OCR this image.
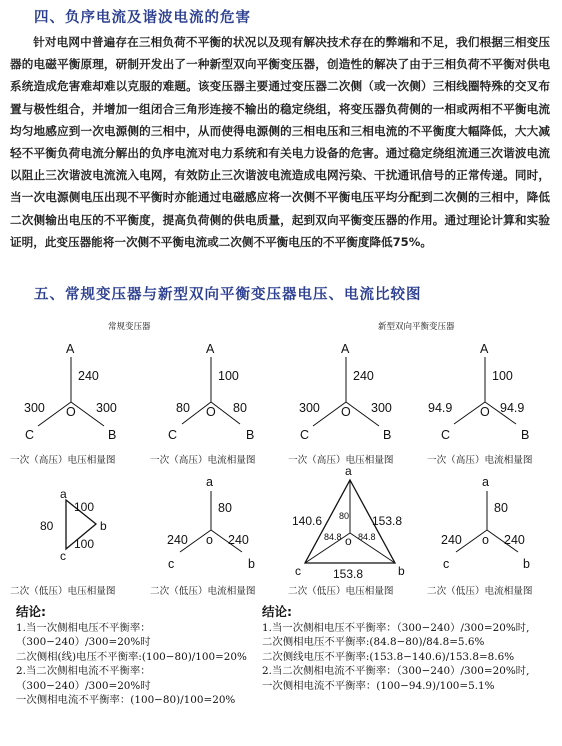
四、负序电流及谐波电流的危害
针对电网中普遍存在三相负荷不平衡的状况以及现有解决技术存在的弊端和不足，我们根据三相变压器的电磁平衡原理，研制开发出了一种新型双向平衡变压器，创造性的解决了由于三相负荷不平衡对供电系统造成危害难却难以克服的难题。该变压器主要通过变压器二次侧（或一次侧）三相线圈特殊的交叉布置与极性组合，并增加一组闭合三角形连接不输出的稳定绕组，将变压器负荷侧的一相或两相不平衡电流均匀地感应到一次电源侧的三相中，从而使得电源侧的三相电压和三相电流的不平衡度大幅降低，大大减轻不平衡负荷电流分解出的负序电流对电力系统和有关电力设备的危害。通过稳定绕组流通三次谐波电流以阻止三次谐波电流流入电网，有效防止三次谐波电流造成电网污染、干扰通讯信号的正常传递。同时，当一次电源侧电压出现不平衡时亦能通过电磁感应将一次侧不平衡电压平均分配到二次侧的三相中，降低二次侧输出电压的不平衡度，提高负荷侧的供电质量，起到双向平衡变压器的作用。通过理论计算和实验证明，此变压器能将一次侧不平衡电流或二次侧不平衡电压的不平衡度降低75%。
五、常规变压器与新型双向平衡变压器电压、电流比较图
常规变压器	新型双向平衡变压器
A
C	B
O
240
300	300
A
C	B
O
100
80	80
A
C	B
O
240
300	300
A
C	B
O
100
94.9	94.9
一次（高压）电压相量图	一次（高压）电流相量图	一次（高压）电压相量图	一次（高压）电流相量图
a
b
c
100
80
100
a
c	b
o
80
240	240
a
b
c
o
140.6	153.8
153.8
80
84.8 84.8
a
c	b
o
80
240	240
二次（低压）电压相量图	二次（低压）电流相量图	二次（低压）电压相量图	二次（低压）电流相量图
结论:
1.当一次侧相电压不平衡率：
（300−240）/300=20%时
二次侧相(线)电压不平衡率:(100−80)/100=20%
2.当二次侧相电流不平衡率：
（300−240）/300=20%时
一次侧相电流不平衡率：(100−80)/100=20%
结论:
1.当一次侧相电压不平衡率：（300−240）/300=20%时,
二次侧相电压不平衡率:(84.8−80)/84.8=5.6%
二次侧线电压不平衡率:(153.8−140.6)/153.8=8.6%
2.当二次侧相电流不平衡率：（300−240）/300=20%时,
一次侧相电流不平衡率：(100−94.9)/100=5.1%
